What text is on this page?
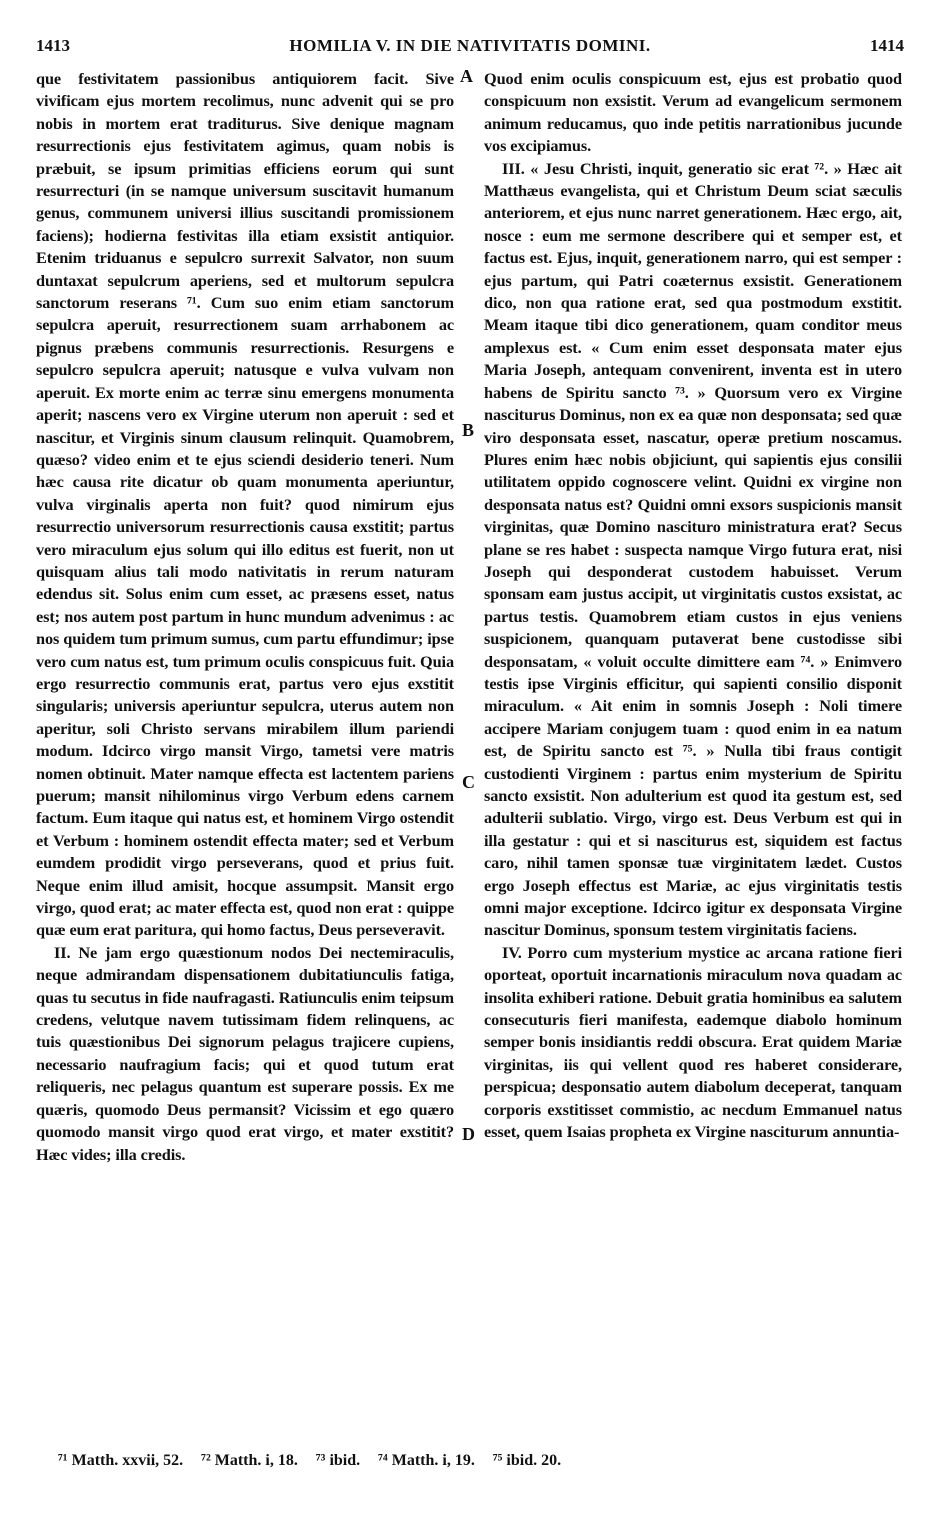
1413	HOMILIA V. IN DIE NATIVITATIS DOMINI.	1414
A
B
C
D

que festivitatem passionibus antiquiorem facit. Sive vivificam ejus mortem recolimus, nunc advenit qui se pro nobis in mortem erat traditurus. Sive denique magnam resurrectionis ejus festivitatem agimus, quam nobis is præbuit, se ipsum primitias efficiens eorum qui sunt resurrecturi (in se namque universum suscitavit humanum genus, communem universi illius suscitandi promissionem faciens); hodierna festivitas illa etiam exsistit antiquior. Etenim triduanus e sepulcro surrexit Salvator, non suum duntaxat sepulcrum aperiens, sed et multorum sepulcra sanctorum reserans ⁷¹. Cum suo enim etiam sanctorum sepulcra aperuit, resurrectionem suam arrhabonem ac pignus præbens communis resurrectionis. Resurgens e sepulcro sepulcra aperuit; natusque e vulva vulvam non aperuit. Ex morte enim ac terræ sinu emergens monumenta aperit; nascens vero ex Virgine uterum non aperuit : sed et nascitur, et Virginis sinum clausum relinquit. Quamobrem, quæso? video enim et te ejus sciendi desiderio teneri. Num hæc causa rite dicatur ob quam monumenta aperiuntur, vulva virginalis aperta non fuit? quod nimirum ejus resurrectio universorum resurrectionis causa exstitit; partus vero miraculum ejus solum qui illo editus est fuerit, non ut quisquam alius tali modo nativitatis in rerum naturam edendus sit. Solus enim cum esset, ac præsens esset, natus est; nos autem post partum in hunc mundum advenimus : ac nos quidem tum primum sumus, cum partu effundimur; ipse vero cum natus est, tum primum oculis conspicuus fuit. Quia ergo resurrectio communis erat, partus vero ejus exstitit singularis; universis aperiuntur sepulcra, uterus autem non aperitur, soli Christo servans mirabilem illum pariendi modum. Idcirco virgo mansit Virgo, tametsi vere matris nomen obtinuit. Mater namque effecta est lactentem pariens puerum; mansit nihilominus virgo Verbum edens carnem factum. Eum itaque qui natus est, et hominem Virgo ostendit et Verbum : hominem ostendit effecta mater; sed et Verbum eumdem prodidit virgo perseverans, quod et prius fuit. Neque enim illud amisit, hocque assumpsit. Mansit ergo virgo, quod erat; ac mater effecta est, quod non erat : quippe quæ eum erat paritura, qui homo factus, Deus perseveravit.

II. Ne jam ergo quæstionum nodos Dei nectemiraculis, neque admirandam dispensationem dubitatiunculis fatiga, quas tu secutus in fide naufragasti. Ratiunculis enim teipsum credens, velutque navem tutissimam fidem relinquens, ac tuis quæstionibus Dei signorum pelagus trajicere cupiens, necessario naufragium facis; qui et quod tutum erat reliqueris, nec pelagus quantum est superare possis. Ex me quæris, quomodo Deus permansit? Vicissim et ego quæro quomodo mansit virgo quod erat virgo, et mater exstitit? Hæc vides; illa credis.

Quod enim oculis conspicuum est, ejus est probatio quod conspicuum non exsistit. Verum ad evangelicum sermonem animum reducamus, quo inde petitis narrationibus jucunde vos excipiamus.

III. « Jesu Christi, inquit, generatio sic erat ⁷². » Hæc ait Matthæus evangelista, qui et Christum Deum sciat sæculis anteriorem, et ejus nunc narret generationem. Hæc ergo, ait, nosce : eum me sermone describere qui et semper est, et factus est. Ejus, inquit, generationem narro, qui est semper : ejus partum, qui Patri coæternus exsistit. Generationem dico, non qua ratione erat, sed qua postmodum exstitit. Meam itaque tibi dico generationem, quam conditor meus amplexus est. « Cum enim esset desponsata mater ejus Maria Joseph, antequam convenirent, inventa est in utero habens de Spiritu sancto ⁷³. » Quorsum vero ex Virgine nasciturus Dominus, non ex ea quæ non desponsata; sed quæ viro desponsata esset, nascatur, operæ pretium noscamus. Plures enim hæc nobis objiciunt, qui sapientis ejus consilii utilitatem oppido cognoscere velint. Quidni ex virgine non desponsata natus est? Quidni omni exsors suspicionis mansit virginitas, quæ Domino nascituro ministratura erat? Secus plane se res habet : suspecta namque Virgo futura erat, nisi Joseph qui desponderat custodem habuisset. Verum sponsam eam justus accipit, ut virginitatis custos exsistat, ac partus testis. Quamobrem etiam custos in ejus veniens suspicionem, quanquam putaverat bene custodisse sibi desponsatam, « voluit occulte dimittere eam ⁷⁴. » Enimvero testis ipse Virginis efficitur, qui sapienti consilio disponit miraculum. « Ait enim in somnis Joseph : Noli timere accipere Mariam conjugem tuam : quod enim in ea natum est, de Spiritu sancto est ⁷⁵. » Nulla tibi fraus contigit custodienti Virginem : partus enim mysterium de Spiritu sancto exsistit. Non adulterium est quod ita gestum est, sed adulterii sublatio. Virgo, virgo est. Deus Verbum est qui in illa gestatur : qui et si nasciturus est, siquidem est factus caro, nihil tamen sponsæ tuæ virginitatem lædet. Custos ergo Joseph effectus est Mariæ, ac ejus virginitatis testis omni major exceptione. Idcirco igitur ex desponsata Virgine nascitur Dominus, sponsum testem virginitatis faciens.

IV. Porro cum mysterium mystice ac arcana ratione fieri oporteat, oportuit incarnationis miraculum nova quadam ac insolita exhiberi ratione. Debuit gratia hominibus ea salutem consecuturis fieri manifesta, eademque diabolo hominum semper bonis insidiantis reddi obscura. Erat quidem Mariæ virginitas, iis qui vellent quod res haberet considerare, perspicua; desponsatio autem diabolum deceperat, tanquam corporis exstitisset commistio, ac necdum Emmanuel natus esset, quem Isaias propheta ex Virgine nasciturum annuntia-

⁷¹ Matth. xxvii, 52. ⁷² Matth. i, 18. ⁷³ ibid. ⁷⁴ Matth. i, 19. ⁷⁵ ibid. 20.
